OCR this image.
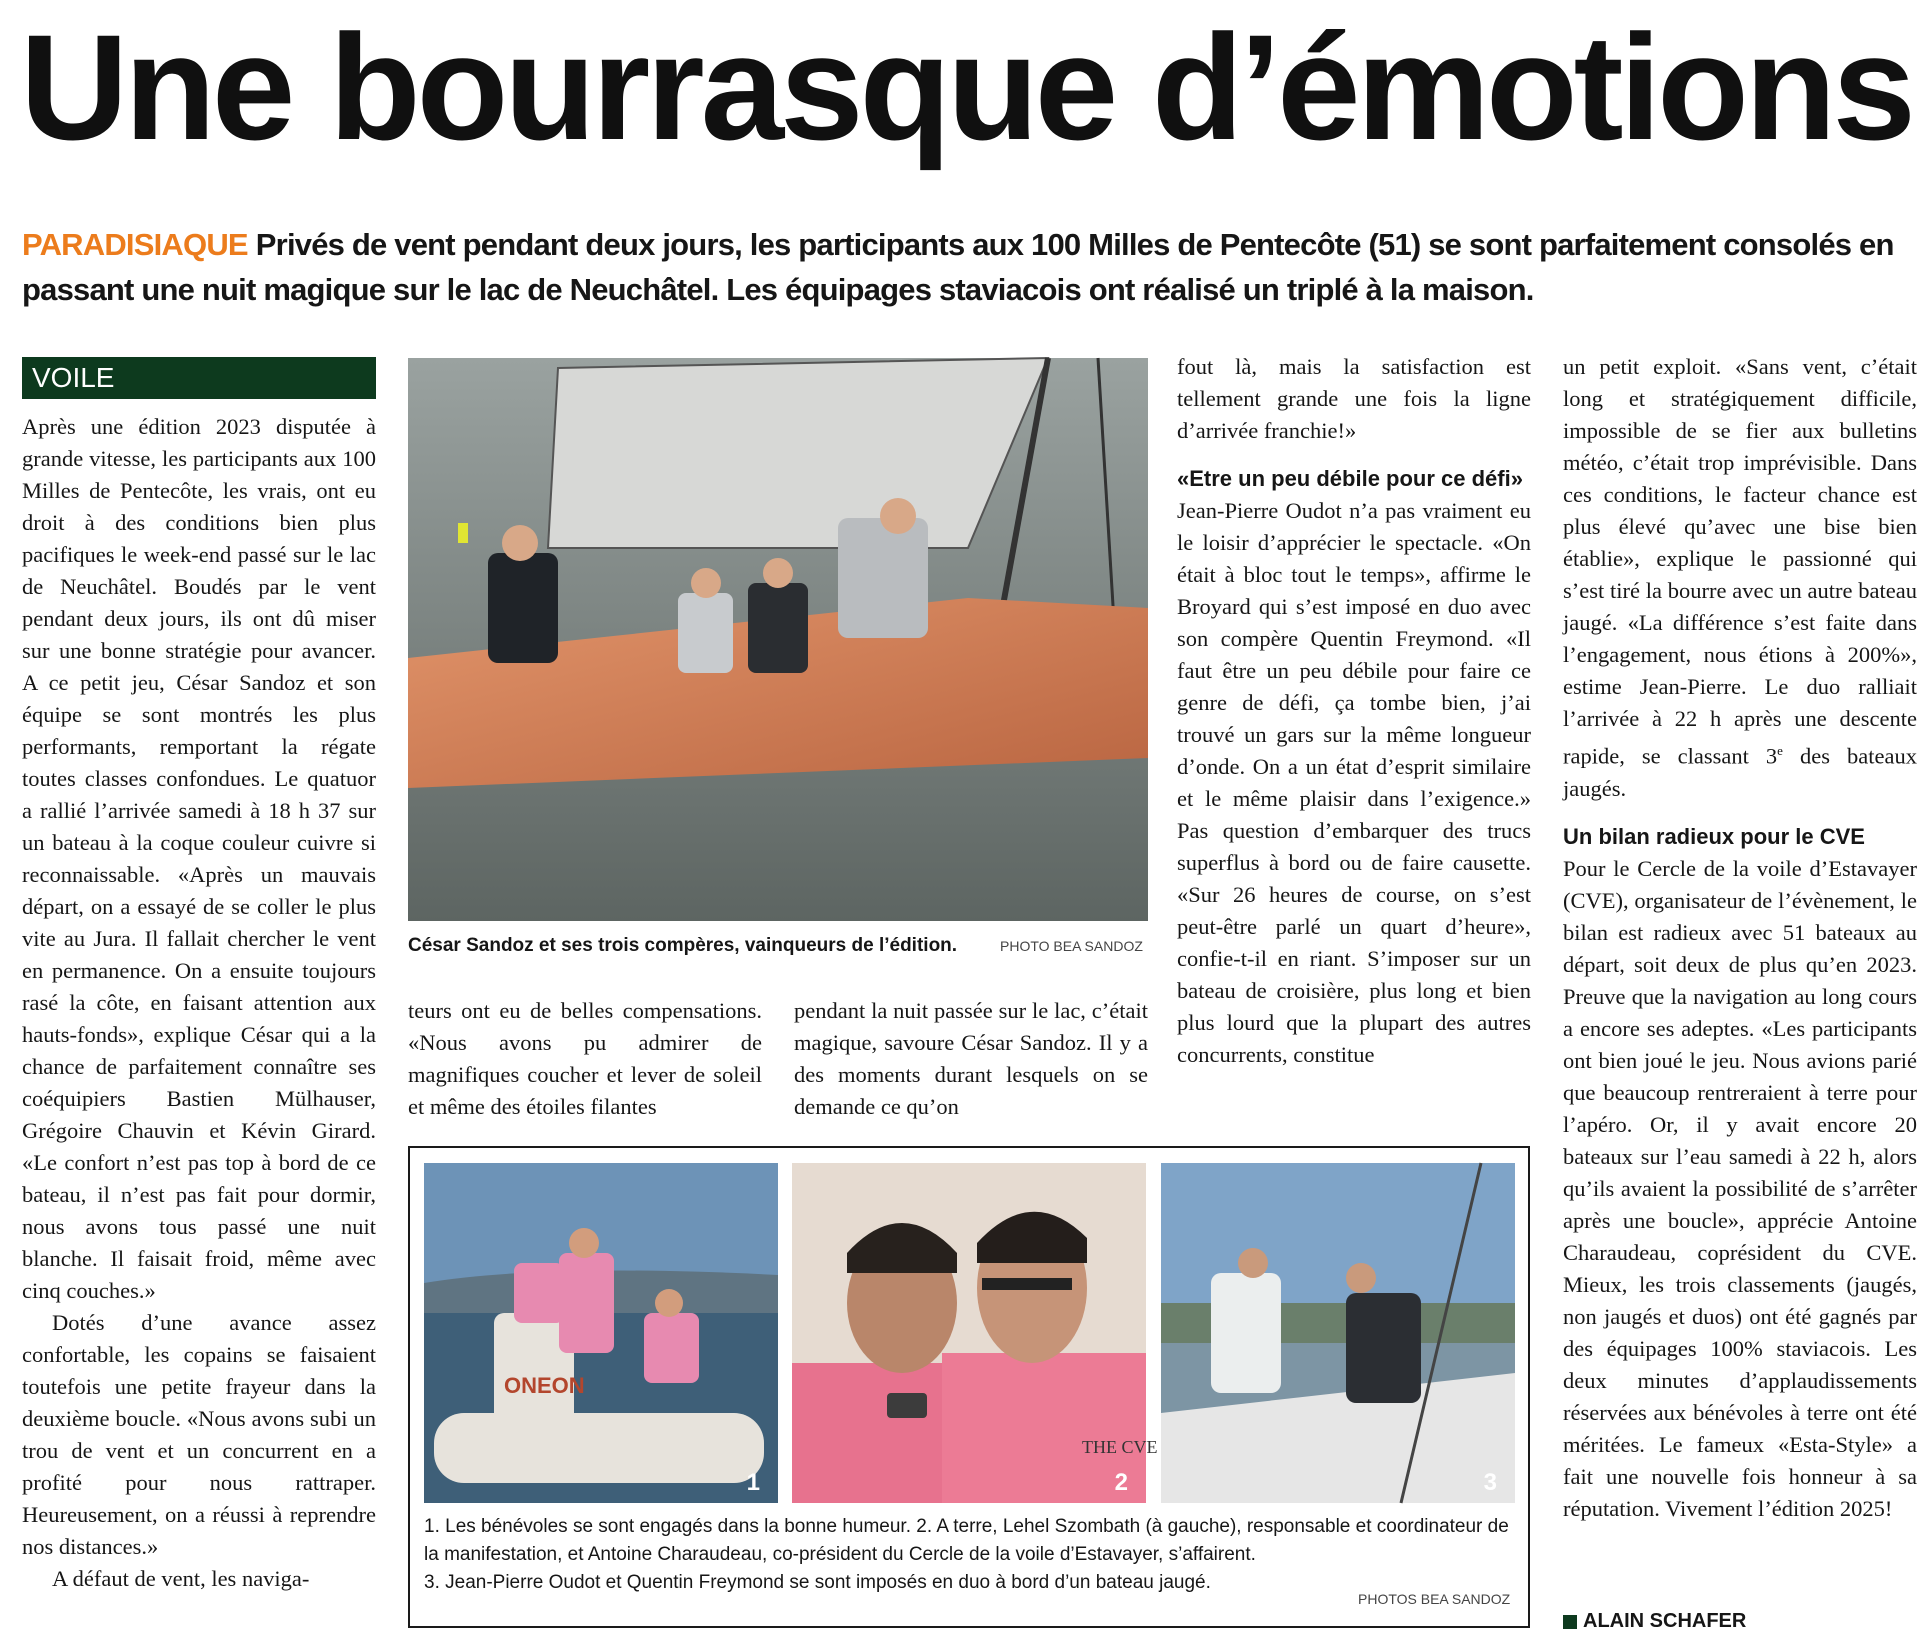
Une bourrasque d’émotions

PARADISIAQUE Privés de vent pendant deux jours, les participants aux 100 Milles de Pentecôte (51) se sont parfaitement consolés en passant une nuit magique sur le lac de Neuchâtel. Les équipages staviacois ont réalisé un triplé à la maison.

VOILE

Après une édition 2023 disputée à grande vitesse, les participants aux 100 Milles de Pentecôte, les vrais, ont eu droit à des conditions bien plus pacifiques le week-end passé sur le lac de Neuchâtel. Boudés par le vent pendant deux jours, ils ont dû miser sur une bonne stratégie pour avancer. A ce petit jeu, César Sandoz et son équipe se sont montrés les plus performants, remportant la régate toutes classes confondues. Le quatuor a rallié l’arrivée samedi à 18 h 37 sur un bateau à la coque couleur cuivre si reconnaissable. «Après un mauvais départ, on a essayé de se coller le plus vite au Jura. Il fallait chercher le vent en permanence. On a ensuite toujours rasé la côte, en faisant attention aux hauts-fonds», explique César qui a la chance de parfaitement connaître ses coéquipiers Bastien Mülhauser, Grégoire Chauvin et Kévin Girard. «Le confort n’est pas top à bord de ce bateau, il n’est pas fait pour dormir, nous avons tous passé une nuit blanche. Il faisait froid, même avec cinq couches.»

Dotés d’une avance assez confortable, les copains se faisaient toutefois une petite frayeur dans la deuxième boucle. «Nous avons subi un trou de vent et un concurrent en a profité pour nous rattraper. Heureusement, on a réussi à reprendre nos distances.»

A défaut de vent, les naviga-

César Sandoz et ses trois compères, vainqueurs de l’édition.	PHOTO BEA SANDOZ

teurs ont eu de belles compensations. «Nous avons pu admirer de magnifiques coucher et lever de soleil et même des étoiles filantes

pendant la nuit passée sur le lac, c’était magique, savoure César Sandoz. Il y a des moments durant lesquels on se demande ce qu’on

fout là, mais la satisfaction est tellement grande une fois la ligne d’arrivée franchie!»

«Etre un peu débile pour ce défi»

Jean-Pierre Oudot n’a pas vraiment eu le loisir d’apprécier le spectacle. «On était à bloc tout le temps», affirme le Broyard qui s’est imposé en duo avec son compère Quentin Freymond. «Il faut être un peu débile pour faire ce genre de défi, ça tombe bien, j’ai trouvé un gars sur la même longueur d’onde. On a un état d’esprit similaire et le même plaisir dans l’exigence.» Pas question d’embarquer des trucs superflus à bord ou de faire causette. «Sur 26 heures de course, on s’est peut-être parlé un quart d’heure», confie-t-il en riant. S’imposer sur un bateau de croisière, plus long et bien plus lourd que la plupart des autres concurrents, constitue

ONEON
1
THE CVE
2	3
1. Les bénévoles se sont engagés dans la bonne humeur. 2. A terre, Lehel Szombath (à gauche), responsable et coordinateur de la manifestation, et Antoine Charaudeau, co-président du Cercle de la voile d’Estavayer, s’affairent.
3. Jean-Pierre Oudot et Quentin Freymond se sont imposés en duo à bord d’un bateau jaugé.
PHOTOS BEA SANDOZ

un petit exploit. «Sans vent, c’était long et stratégiquement difficile, impossible de se fier aux bulletins météo, c’était trop imprévisible. Dans ces conditions, le facteur chance est plus élevé qu’avec une bise bien établie», explique le passionné qui s’est tiré la bourre avec un autre bateau jaugé. «La différence s’est faite dans l’engagement, nous étions à 200%», estime Jean-Pierre. Le duo ralliait l’arrivée à 22 h après une descente rapide, se classant 3e des bateaux jaugés.

Un bilan radieux pour le CVE

Pour le Cercle de la voile d’Estavayer (CVE), organisateur de l’évènement, le bilan est radieux avec 51 bateaux au départ, soit deux de plus qu’en 2023. Preuve que la navigation au long cours a encore ses adeptes. «Les participants ont bien joué le jeu. Nous avions parié que beaucoup rentreraient à terre pour l’apéro. Or, il y avait encore 20 bateaux sur l’eau samedi à 22 h, alors qu’ils avaient la possibilité de s’arrêter après une boucle», apprécie Antoine Charaudeau, coprésident du CVE. Mieux, les trois classements (jaugés, non jaugés et duos) ont été gagnés par des équipages 100% staviacois. Les deux minutes d’applaudissements réservées aux bénévoles à terre ont été méritées. Le fameux «Esta-Style» a fait une nouvelle fois honneur à sa réputation. Vivement l’édition 2025!

ALAIN SCHAFER
